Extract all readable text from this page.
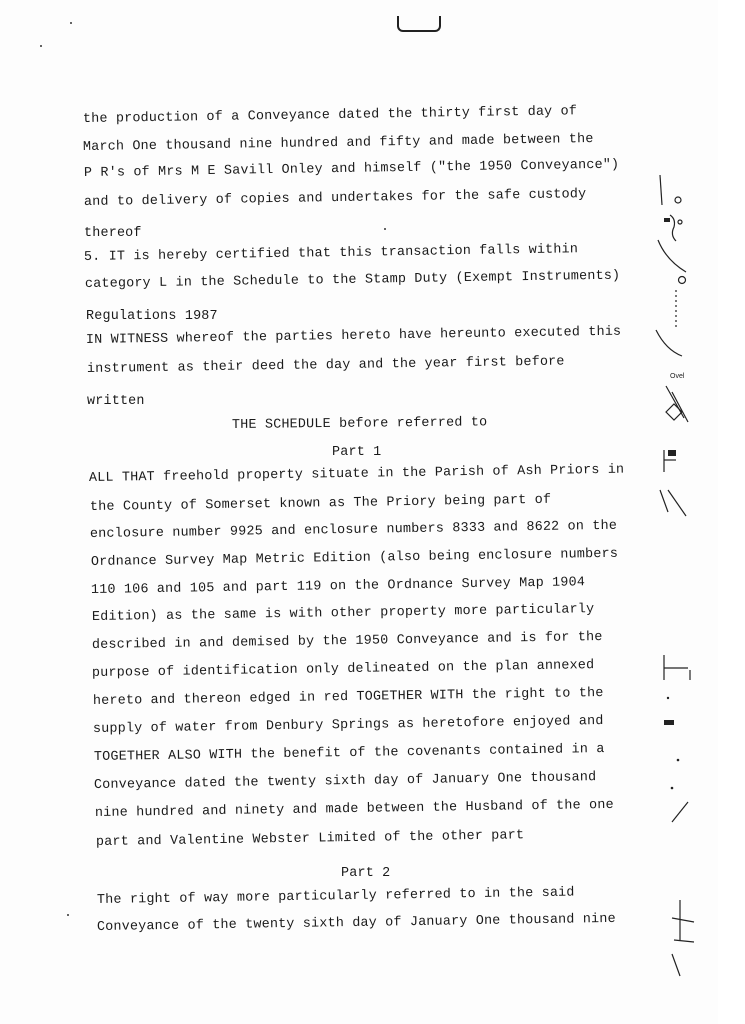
the production of a Conveyance dated the thirty first day of
March One thousand nine hundred and fifty and made between the
P R's of Mrs M E Savill Onley and himself ("the 1950 Conveyance")
and to delivery of copies and undertakes for the safe custody
thereof
5. IT is hereby certified that this transaction falls within
category L in the Schedule to the Stamp Duty (Exempt Instruments)
Regulations 1987
IN WITNESS whereof the parties hereto have hereunto executed this
instrument as their deed the day and the year first before
written
THE SCHEDULE before referred to
Part 1
ALL THAT freehold property situate in the Parish of Ash Priors in
the County of Somerset known as The Priory being part of
enclosure number 9925 and enclosure numbers 8333 and 8622 on the
Ordnance Survey Map Metric Edition (also being enclosure numbers
110 106 and 105 and part 119 on the Ordnance Survey Map 1904
Edition) as the same is with other property more particularly
described in and demised by the 1950 Conveyance and is for the
purpose of identification only delineated on the plan annexed
hereto and thereon edged in red TOGETHER WITH the right to the
supply of water from Denbury Springs as heretofore enjoyed and
TOGETHER ALSO WITH the benefit of the covenants contained in a
Conveyance dated the twenty sixth day of January One thousand
nine hundred and ninety and made between the Husband of the one
part and Valentine Webster Limited of the other part
Part 2
The right of way more particularly referred to in the said
Conveyance of the twenty sixth day of January One thousand nine
Ovel
